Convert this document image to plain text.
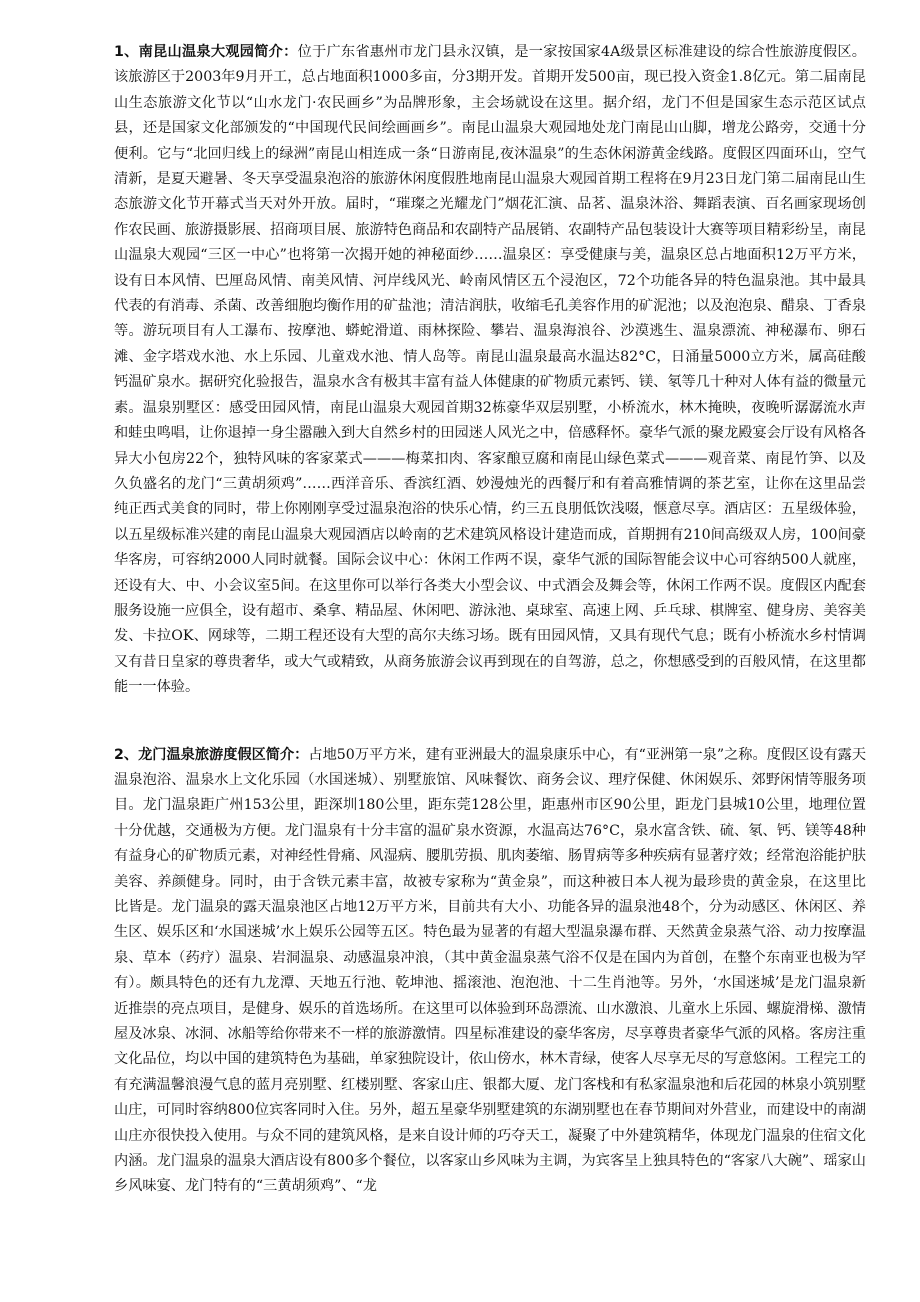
1、南昆山温泉大观园简介：位于广东省惠州市龙门县永汉镇，是一家按国家4A级景区标准建设的综合性旅游度假区。该旅游区于2003年9月开工，总占地面积1000多亩，分3期开发。首期开发500亩，现已投入资金1.8亿元。第二届南昆山生态旅游文化节以“山水龙门·农民画乡”为品牌形象，主会场就设在这里。据介绍，龙门不但是国家生态示范区试点县，还是国家文化部颁发的“中国现代民间绘画画乡”。南昆山温泉大观园地处龙门南昆山山脚，增龙公路旁，交通十分便利。它与“北回归线上的绿洲”南昆山相连成一条“日游南昆,夜沐温泉”的生态休闲游黄金线路。度假区四面环山，空气清新，是夏天避暑、冬天享受温泉泡浴的旅游休闲度假胜地南昆山温泉大观园首期工程将在9月23日龙门第二届南昆山生态旅游文化节开幕式当天对外开放。届时，“璀璨之光耀龙门”烟花汇演、品茗、温泉沐浴、舞蹈表演、百名画家现场创作农民画、旅游摄影展、招商项目展、旅游特色商品和农副特产品展销、农副特产品包装设计大赛等项目精彩纷呈，南昆山温泉大观园“三区一中心”也将第一次揭开她的神秘面纱……温泉区：享受健康与美，温泉区总占地面积12万平方米，设有日本风情、巴厘岛风情、南美风情、河岸线风光、岭南风情区五个浸泡区，72个功能各异的特色温泉池。其中最具代表的有消毒、杀菌、改善细胞均衡作用的矿盐池；清洁润肤，收缩毛孔美容作用的矿泥池；以及泡泡泉、醋泉、丁香泉等。游玩项目有人工瀑布、按摩池、蟒蛇滑道、雨林探险、攀岩、温泉海浪谷、沙漠逃生、温泉漂流、神秘瀑布、卵石滩、金字塔戏水池、水上乐园、儿童戏水池、情人岛等。南昆山温泉最高水温达82°C，日涌量5000立方米，属高硅酸钙温矿泉水。据研究化验报告，温泉水含有极其丰富有益人体健康的矿物质元素钙、镁、氡等几十种对人体有益的微量元素。温泉别墅区：感受田园风情，南昆山温泉大观园首期32栋豪华双层别墅，小桥流水，林木掩映，夜晚听潺潺流水声和蛙虫鸣唱，让你退掉一身尘嚣融入到大自然乡村的田园迷人风光之中，倍感释怀。豪华气派的聚龙殿宴会厅设有风格各异大小包房22个，独特风味的客家菜式———梅菜扣肉、客家酿豆腐和南昆山绿色菜式———观音菜、南昆竹笋、以及久负盛名的龙门“三黄胡须鸡”……西洋音乐、香滨红酒、妙漫烛光的西餐厅和有着高雅情调的茶艺室，让你在这里品尝纯正西式美食的同时，带上你刚刚享受过温泉泡浴的快乐心情，约三五良朋低饮浅啜，惬意尽享。酒店区：五星级体验，以五星级标准兴建的南昆山温泉大观园酒店以岭南的艺术建筑风格设计建造而成，首期拥有210间高级双人房，100间豪华客房，可容纳2000人同时就餐。国际会议中心：休闲工作两不误，豪华气派的国际智能会议中心可容纳500人就座，还设有大、中、小会议室5间。在这里你可以举行各类大小型会议、中式酒会及舞会等，休闲工作两不误。度假区内配套服务设施一应俱全，设有超市、桑拿、精品屋、休闲吧、游泳池、桌球室、高速上网、乒乓球、棋牌室、健身房、美容美发、卡拉OK、网球等，二期工程还设有大型的高尔夫练习场。既有田园风情，又具有现代气息；既有小桥流水乡村情调又有昔日皇家的尊贵奢华，或大气或精致，从商务旅游会议再到现在的自驾游，总之，你想感受到的百般风情，在这里都能一一体验。

2、龙门温泉旅游度假区简介：占地50万平方米，建有亚洲最大的温泉康乐中心，有“亚洲第一泉”之称。度假区设有露天温泉泡浴、温泉水上文化乐园（水国迷城）、别墅旅馆、风味餐饮、商务会议、理疗保健、休闲娱乐、郊野闲情等服务项目。龙门温泉距广州153公里，距深圳180公里，距东莞128公里，距惠州市区90公里，距龙门县城10公里，地理位置十分优越，交通极为方便。龙门温泉有十分丰富的温矿泉水资源，水温高达76°C，泉水富含铁、硫、氡、钙、镁等48种有益身心的矿物质元素，对神经性骨痛、风湿病、腰肌劳损、肌肉萎缩、肠胃病等多种疾病有显著疗效；经常泡浴能护肤美容、养颜健身。同时，由于含铁元素丰富，故被专家称为“黄金泉”，而这种被日本人视为最珍贵的黄金泉，在这里比比皆是。龙门温泉的露天温泉池区占地12万平方米，目前共有大小、功能各异的温泉池48个，分为动感区、休闲区、养生区、娱乐区和‘水国迷城’水上娱乐公园等五区。特色最为显著的有超大型温泉瀑布群、天然黄金泉蒸气浴、动力按摩温泉、草本（药疗）温泉、岩洞温泉、动感温泉冲浪，（其中黄金温泉蒸气浴不仅是在国内为首创，在整个东南亚也极为罕有）。颇具特色的还有九龙潭、天地五行池、乾坤池、摇滚池、泡泡池、十二生肖池等。另外，‘水国迷城’是龙门温泉新近推崇的亮点项目，是健身、娱乐的首选场所。在这里可以体验到环岛漂流、山水激浪、儿童水上乐园、螺旋滑梯、激情屋及冰泉、冰洞、冰船等给你带来不一样的旅游激情。四星标准建设的豪华客房，尽享尊贵者豪华气派的风格。客房注重文化品位，均以中国的建筑特色为基础，单家独院设计，依山傍水，林木青绿，使客人尽享无尽的写意悠闲。工程完工的有充满温馨浪漫气息的蓝月亮别墅、红楼别墅、客家山庄、银都大厦、龙门客栈和有私家温泉池和后花园的林泉小筑别墅山庄，可同时容纳800位宾客同时入住。另外，超五星豪华别墅建筑的东湖别墅也在春节期间对外营业，而建设中的南湖山庄亦很快投入使用。与众不同的建筑风格，是来自设计师的巧夺天工，凝聚了中外建筑精华，体现龙门温泉的住宿文化内涵。龙门温泉的温泉大酒店设有800多个餐位，以客家山乡风味为主调，为宾客呈上独具特色的“客家八大碗”、瑶家山乡风味宴、龙门特有的“三黄胡须鸡”、“龙
